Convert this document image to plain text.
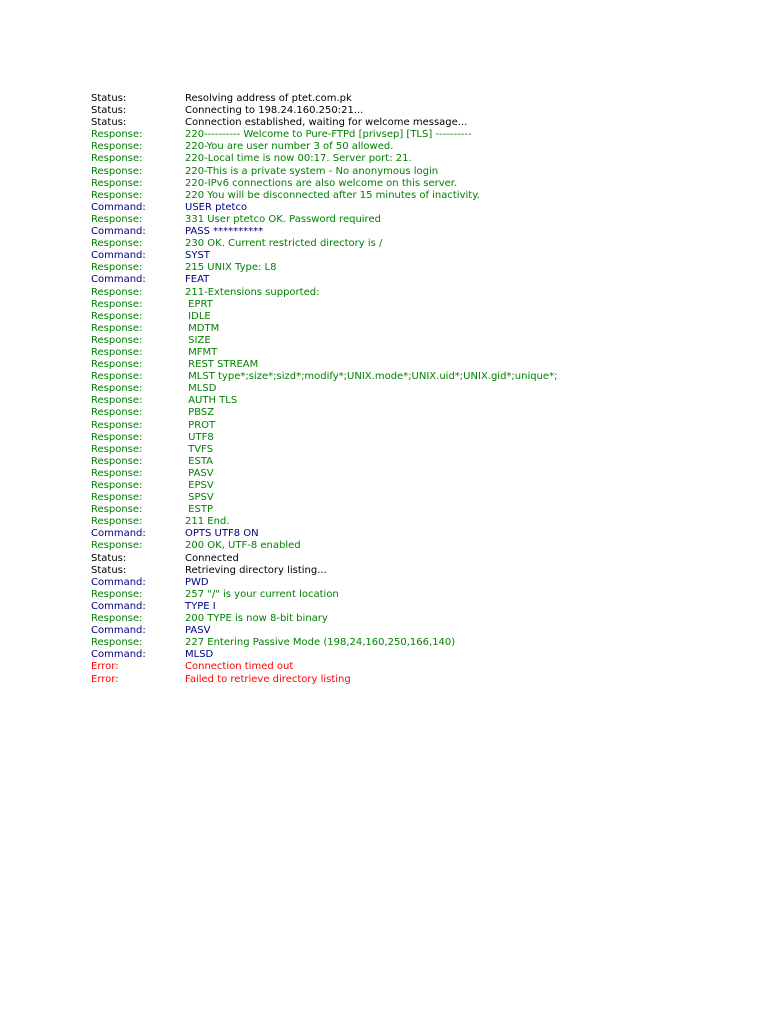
Status:	Resolving address of ptet.com.pk
Status:	Connecting to 198.24.160.250:21...
Status:	Connection established, waiting for welcome message...
Response:	220---------- Welcome to Pure-FTPd [privsep] [TLS] ----------
Response:	220-You are user number 3 of 50 allowed.
Response:	220-Local time is now 00:17. Server port: 21.
Response:	220-This is a private system - No anonymous login
Response:	220-IPv6 connections are also welcome on this server.
Response:	220 You will be disconnected after 15 minutes of inactivity.
Command:	USER ptetco
Response:	331 User ptetco OK. Password required
Command:	PASS **********
Response:	230 OK. Current restricted directory is /
Command:	SYST
Response:	215 UNIX Type: L8
Command:	FEAT
Response:	211-Extensions supported:
Response:	EPRT
Response:	IDLE
Response:	MDTM
Response:	SIZE
Response:	MFMT
Response:	REST STREAM
Response:	MLST type*;size*;sizd*;modify*;UNIX.mode*;UNIX.uid*;UNIX.gid*;unique*;
Response:	MLSD
Response:	AUTH TLS
Response:	PBSZ
Response:	PROT
Response:	UTF8
Response:	TVFS
Response:	ESTA
Response:	PASV
Response:	EPSV
Response:	SPSV
Response:	ESTP
Response:	211 End.
Command:	OPTS UTF8 ON
Response:	200 OK, UTF-8 enabled
Status:	Connected
Status:	Retrieving directory listing...
Command:	PWD
Response:	257 "/" is your current location
Command:	TYPE I
Response:	200 TYPE is now 8-bit binary
Command:	PASV
Response:	227 Entering Passive Mode (198,24,160,250,166,140)
Command:	MLSD
Error:	Connection timed out
Error:	Failed to retrieve directory listing
